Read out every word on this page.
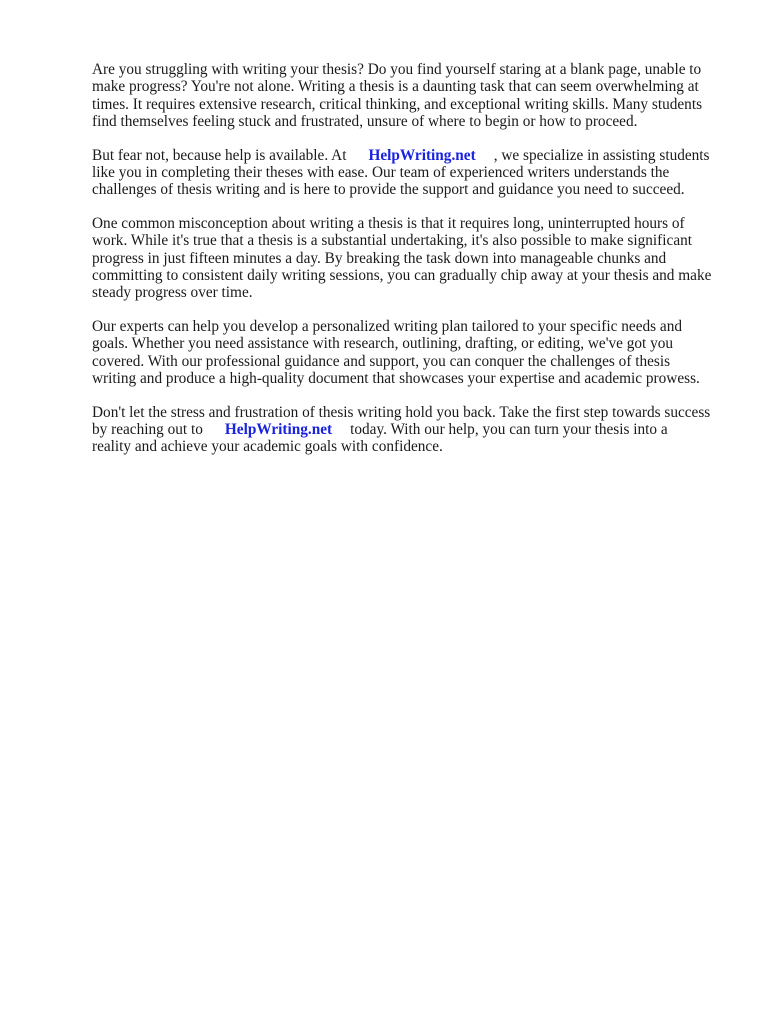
Are you struggling with writing your thesis? Do you find yourself staring at a blank page, unable to
make progress? You're not alone. Writing a thesis is a daunting task that can seem overwhelming at
times. It requires extensive research, critical thinking, and exceptional writing skills. Many students
find themselves feeling stuck and frustrated, unsure of where to begin or how to proceed.

But fear not, because help is available. At HelpWriting.net , we specialize in assisting students
like you in completing their theses with ease. Our team of experienced writers understands the
challenges of thesis writing and is here to provide the support and guidance you need to succeed.

One common misconception about writing a thesis is that it requires long, uninterrupted hours of
work. While it's true that a thesis is a substantial undertaking, it's also possible to make significant
progress in just fifteen minutes a day. By breaking the task down into manageable chunks and
committing to consistent daily writing sessions, you can gradually chip away at your thesis and make
steady progress over time.

Our experts can help you develop a personalized writing plan tailored to your specific needs and
goals. Whether you need assistance with research, outlining, drafting, or editing, we've got you
covered. With our professional guidance and support, you can conquer the challenges of thesis
writing and produce a high-quality document that showcases your expertise and academic prowess.

Don't let the stress and frustration of thesis writing hold you back. Take the first step towards success
by reaching out to HelpWriting.net today. With our help, you can turn your thesis into a
reality and achieve your academic goals with confidence.
